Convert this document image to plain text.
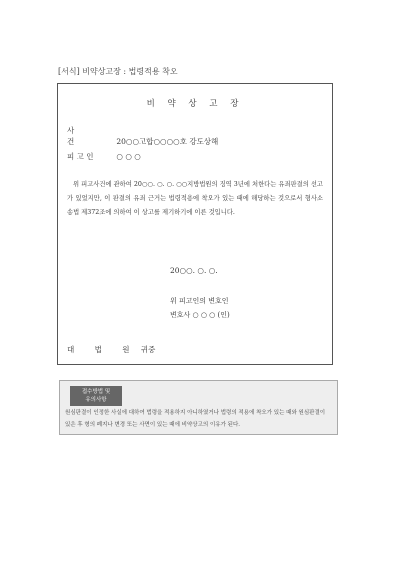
[서식] 비약상고장 : 법령적용 착오
비 약 상 고 장
사 건	20○○고합○○○○호 강도상해
피 고 인	○ ○ ○
위 피고사건에 관하여 20○○. ○. ○. ○○지방법원의 징역 3년에 처한다는 유죄판결의 선고가 있었지만, 이 판결의 유죄 근거는 법령적용에 착오가 있는 때에 해당하는 것으로서 형사소송법 제372조에 의하여 이 상고를 제기하기에 이른 것입니다.
20○○. ○. ○.
위 피고인의 변호인
변호사 ○ ○ ○ (인)
대 법 원 귀중
접수방법 및
유의사항
원심판결이 인정한 사실에 대하여 법령을 적용하지 아니하였거나 법령의 적용에 착오가 있는 때와 원심판결이 있은 후 형의 폐지나 변경 또는 사면이 있는 때에 비약상고의 이유가 된다.
